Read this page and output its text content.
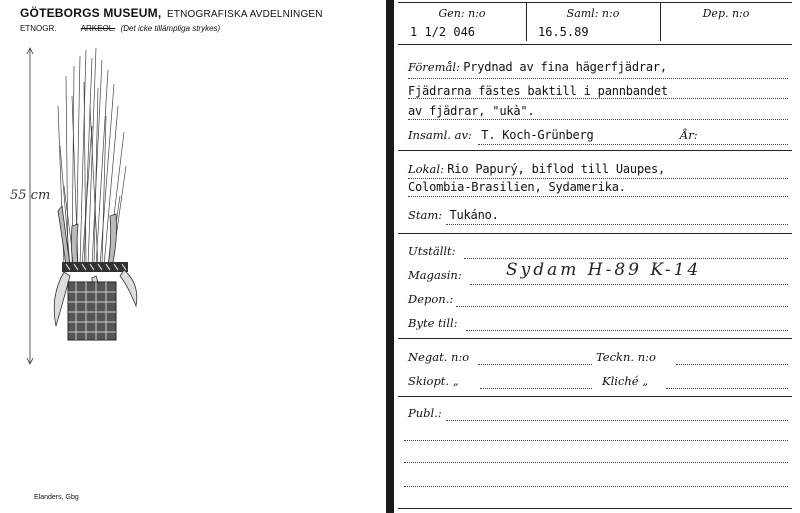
GÖTEBORGS MUSEUM, ETNOGRAFISKA AVDELNINGEN
ETNOGR.	ARKEOL. (Det icke tillämpliga strykes)
55 cm
Elanders, Gbg
Gen: n:o
1 1/2 046
Saml: n:o
16.5.89
Dep. n:o
Föremål: Prydnad av fina hägerfjädrar,
Fjädrarna fästes baktill i pannbandet
av fjädrar, "ukà".
Insaml. av: T. Koch-Grünberg	År:
Lokal: Rio Papurý, biflod till Uaupes,
Colombia-Brasilien, Sydamerika.
Stam: Tukáno.
Utställt:
Magasin:	Sydam H-89 K-14
Depon.:
Byte till:
Negat. n:o	Teckn. n:o
Skiopt. „	Kliché „
Publ.:
